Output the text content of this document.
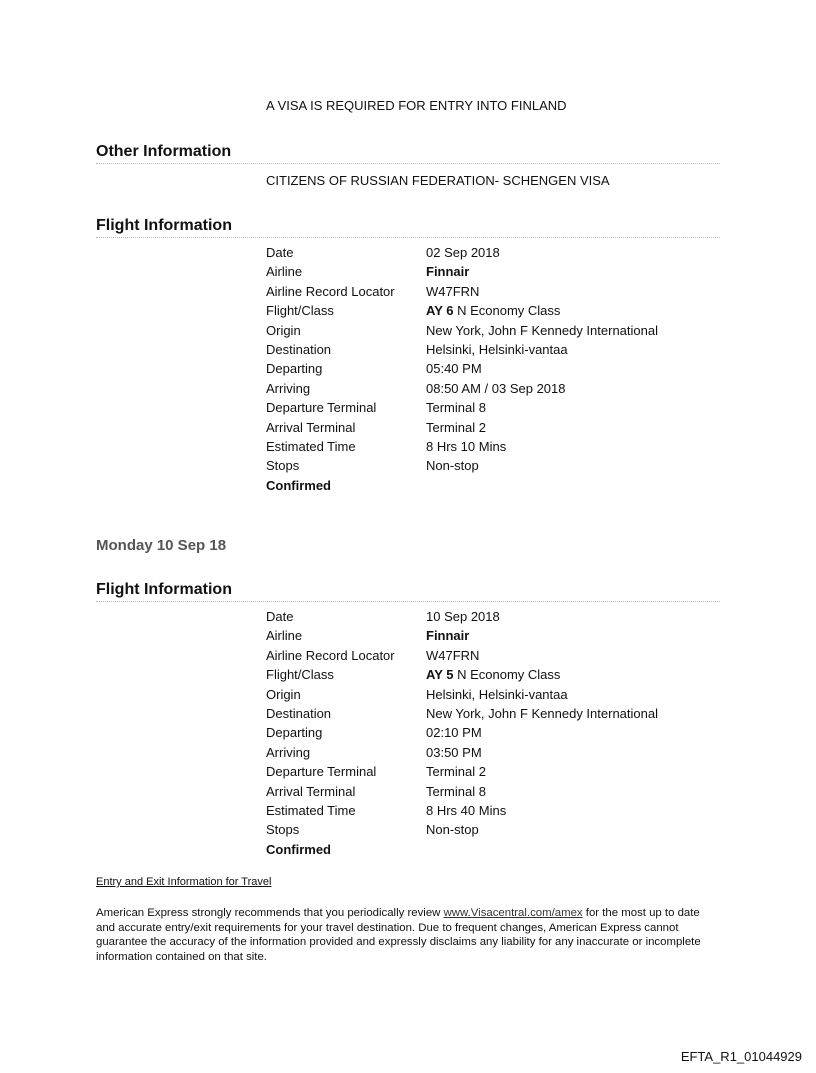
A VISA IS REQUIRED FOR ENTRY INTO FINLAND
Other Information
CITIZENS OF RUSSIAN FEDERATION- SCHENGEN VISA
Flight Information
Date	02 Sep 2018
Airline	Finnair
Airline Record Locator	W47FRN
Flight/Class	AY 6 N Economy Class
Origin	New York, John F Kennedy International
Destination	Helsinki, Helsinki-vantaa
Departing	05:40 PM
Arriving	08:50 AM / 03 Sep 2018
Departure Terminal	Terminal 8
Arrival Terminal	Terminal 2
Estimated Time	8 Hrs 10 Mins
Stops	Non-stop
Confirmed
Monday 10 Sep 18
Flight Information
Date	10 Sep 2018
Airline	Finnair
Airline Record Locator	W47FRN
Flight/Class	AY 5 N Economy Class
Origin	Helsinki, Helsinki-vantaa
Destination	New York, John F Kennedy International
Departing	02:10 PM
Arriving	03:50 PM
Departure Terminal	Terminal 2
Arrival Terminal	Terminal 8
Estimated Time	8 Hrs 40 Mins
Stops	Non-stop
Confirmed
Entry and Exit Information for Travel
American Express strongly recommends that you periodically review www.Visacentral.com/amex for the most up to date and accurate entry/exit requirements for your travel destination. Due to frequent changes, American Express cannot guarantee the accuracy of the information provided and expressly disclaims any liability for any inaccurate or incomplete information contained on that site.
EFTA_R1_01044929
